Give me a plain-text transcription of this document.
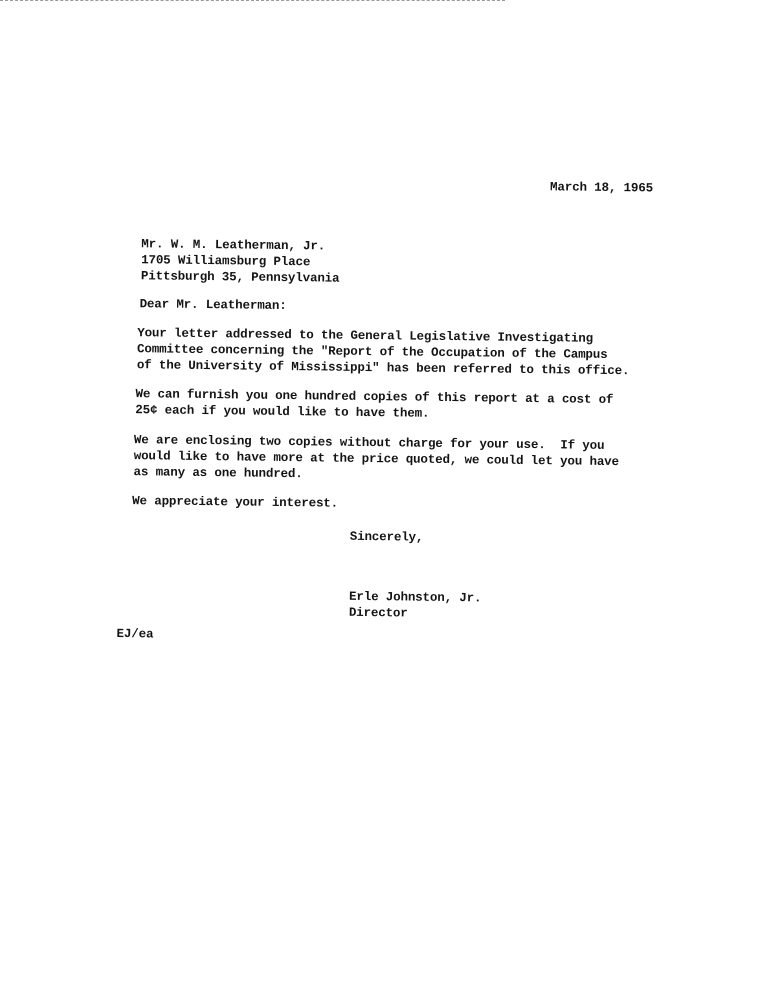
March 18, 1965
Mr. W. M. Leatherman, Jr.
1705 Williamsburg Place
Pittsburgh 35, Pennsylvania
Dear Mr. Leatherman:
Your letter addressed to the General Legislative Investigating
Committee concerning the "Report of the Occupation of the Campus
of the University of Mississippi" has been referred to this office.
We can furnish you one hundred copies of this report at a cost of
25¢ each if you would like to have them.
We are enclosing two copies without charge for your use.  If you
would like to have more at the price quoted, we could let you have
as many as one hundred.
We appreciate your interest.
Sincerely,
Erle Johnston, Jr.
Director
EJ/ea
